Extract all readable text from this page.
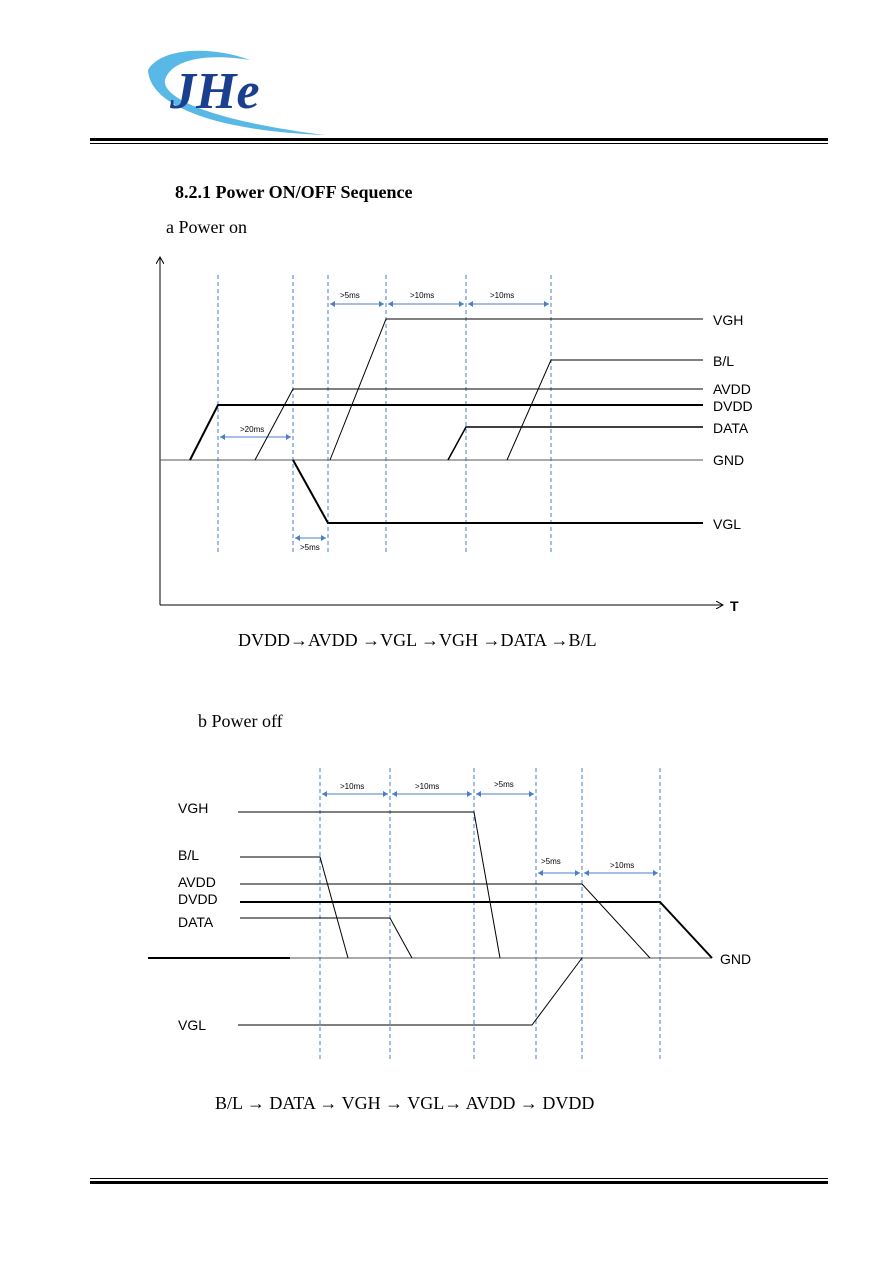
JHe
8.2.1 Power ON/OFF Sequence
a Power on
T
>5ms	>10ms	>10ms
>20ms
>5ms
VGH
B/L
AVDD
DVDD
DATA
GND
VGL
DVDD→AVDD →VGL →VGH →DATA →B/L
b Power off
>10ms	>10ms	>5ms
>5ms	>10ms
VGH
B/L
AVDD
DVDD
DATA
GND
VGL
B/L → DATA → VGH → VGL→ AVDD → DVDD
